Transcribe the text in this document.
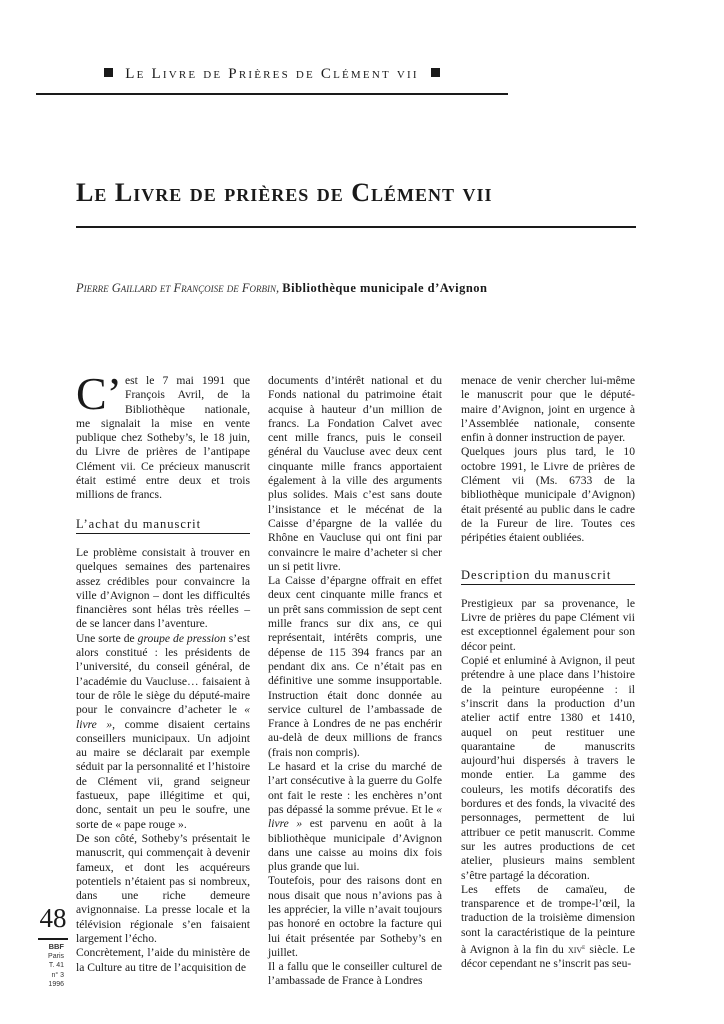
Le Livre de Prières de Clément vii
Le Livre de prières de Clément vii
Pierre Gaillard et Françoise de Forbin, Bibliothèque municipale d’Avignon

C’ est le 7 mai 1991 que François Avril, de la Bibliothèque nationale, me signalait la mise en vente publique chez Sotheby’s, le 18 juin, du Livre de prières de l’antipape Clément vii. Ce précieux manuscrit était estimé entre deux et trois millions de francs.

L’achat du manuscrit

Le problème consistait à trouver en quelques semaines des partenaires assez crédibles pour convaincre la ville d’Avignon – dont les difficultés financières sont hélas très réelles – de se lancer dans l’aventure.

Une sorte de groupe de pression s’est alors constitué : les présidents de l’université, du conseil général, de l’académie du Vaucluse… faisaient à tour de rôle le siège du député-maire pour le convaincre d’acheter le « livre », comme disaient certains conseillers municipaux. Un adjoint au maire se déclarait par exemple séduit par la personnalité et l’histoire de Clément vii, grand seigneur fastueux, pape illégitime et qui, donc, sentait un peu le soufre, une sorte de « pape rouge ».

De son côté, Sotheby’s présentait le manuscrit, qui commençait à devenir fameux, et dont les acquéreurs potentiels n’étaient pas si nombreux, dans une riche demeure avignonnaise. La presse locale et la télévision régionale s’en faisaient largement l’écho.

Concrètement, l’aide du ministère de la Culture au titre de l’acquisition de

documents d’intérêt national et du Fonds national du patrimoine était acquise à hauteur d’un million de francs. La Fondation Calvet avec cent mille francs, puis le conseil général du Vaucluse avec deux cent cinquante mille francs apportaient également à la ville des arguments plus solides. Mais c’est sans doute l’insistance et le mécénat de la Caisse d’épargne de la vallée du Rhône en Vaucluse qui ont fini par convaincre le maire d’acheter si cher un si petit livre.

La Caisse d’épargne offrait en effet deux cent cinquante mille francs et un prêt sans commission de sept cent mille francs sur dix ans, ce qui représentait, intérêts compris, une dépense de 115 394 francs par an pendant dix ans. Ce n’était pas en définitive une somme insupportable. Instruction était donc donnée au service culturel de l’ambassade de France à Londres de ne pas enchérir au-delà de deux millions de francs (frais non compris).

Le hasard et la crise du marché de l’art consécutive à la guerre du Golfe ont fait le reste : les enchères n’ont pas dépassé la somme prévue. Et le « livre » est parvenu en août à la bibliothèque municipale d’Avignon dans une caisse au moins dix fois plus grande que lui.

Toutefois, pour des raisons dont en nous disait que nous n’avions pas à les apprécier, la ville n’avait toujours pas honoré en octobre la facture qui lui était présentée par Sotheby’s en juillet.

Il a fallu que le conseiller culturel de l’ambassade de France à Londres

menace de venir chercher lui-même le manuscrit pour que le député-maire d’Avignon, joint en urgence à l’Assemblée nationale, consente enfin à donner instruction de payer.

Quelques jours plus tard, le 10 octobre 1991, le Livre de prières de Clément vii (Ms. 6733 de la bibliothèque municipale d’Avignon) était présenté au public dans le cadre de la Fureur de lire. Toutes ces péripéties étaient oubliées.

Description du manuscrit

Prestigieux par sa provenance, le Livre de prières du pape Clément vii est exceptionnel également pour son décor peint.

Copié et enluminé à Avignon, il peut prétendre à une place dans l’histoire de la peinture européenne : il s’inscrit dans la production d’un atelier actif entre 1380 et 1410, auquel on peut restituer une quarantaine de manuscrits aujourd’hui dispersés à travers le monde entier. La gamme des couleurs, les motifs décoratifs des bordures et des fonds, la vivacité des personnages, permettent de lui attribuer ce petit manuscrit. Comme sur les autres productions de cet atelier, plusieurs mains semblent s’être partagé la décoration.

Les effets de camaïeu, de transparence et de trompe-l’œil, la traduction de la troisième dimension sont la caractéristique de la peinture à Avignon à la fin du xiv$^e$ siècle. Le décor cependant ne s’inscrit pas seu-

48
BBF
Paris
T. 41
n° 3
1996
